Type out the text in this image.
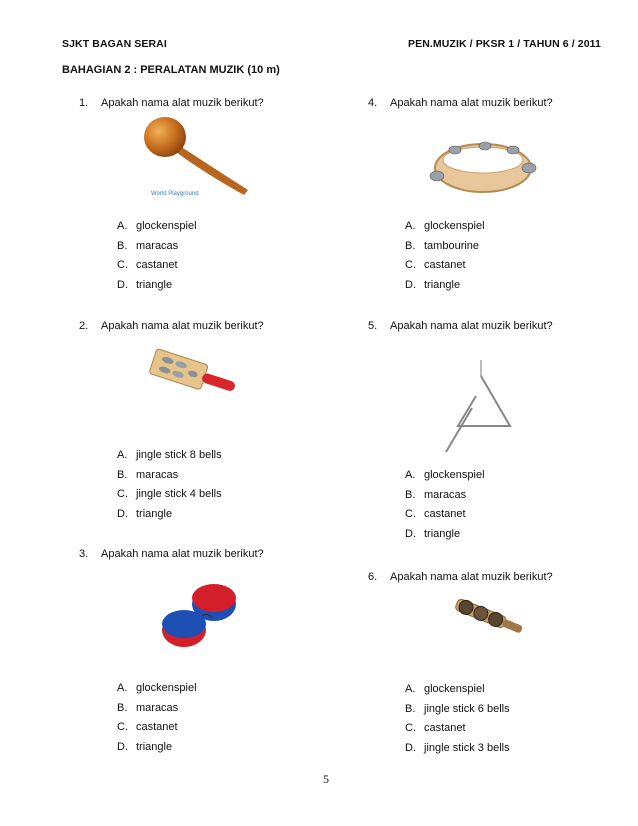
SJKT BAGAN SERAI	PEN.MUZIK / PKSR 1 / TAHUN 6 / 2011
BAHAGIAN 2 : PERALATAN MUZIK (10 m)
1. Apakah nama alat muzik berikut?
World Playground
A. glockenspiel
B. maracas
C. castanet
D. triangle
2. Apakah nama alat muzik berikut?
A. jingle stick 8 bells
B. maracas
C. jingle stick 4 bells
D. triangle
3. Apakah nama alat muzik berikut?
A. glockenspiel
B. maracas
C. castanet
D. triangle
4. Apakah nama alat muzik berikut?
A. glockenspiel
B. tambourine
C. castanet
D. triangle
5. Apakah nama alat muzik berikut?
A. glockenspiel
B. maracas
C. castanet
D. triangle
6. Apakah nama alat muzik berikut?
A. glockenspiel
B. jingle stick 6 bells
C. castanet
D. jingle stick 3 bells
5
